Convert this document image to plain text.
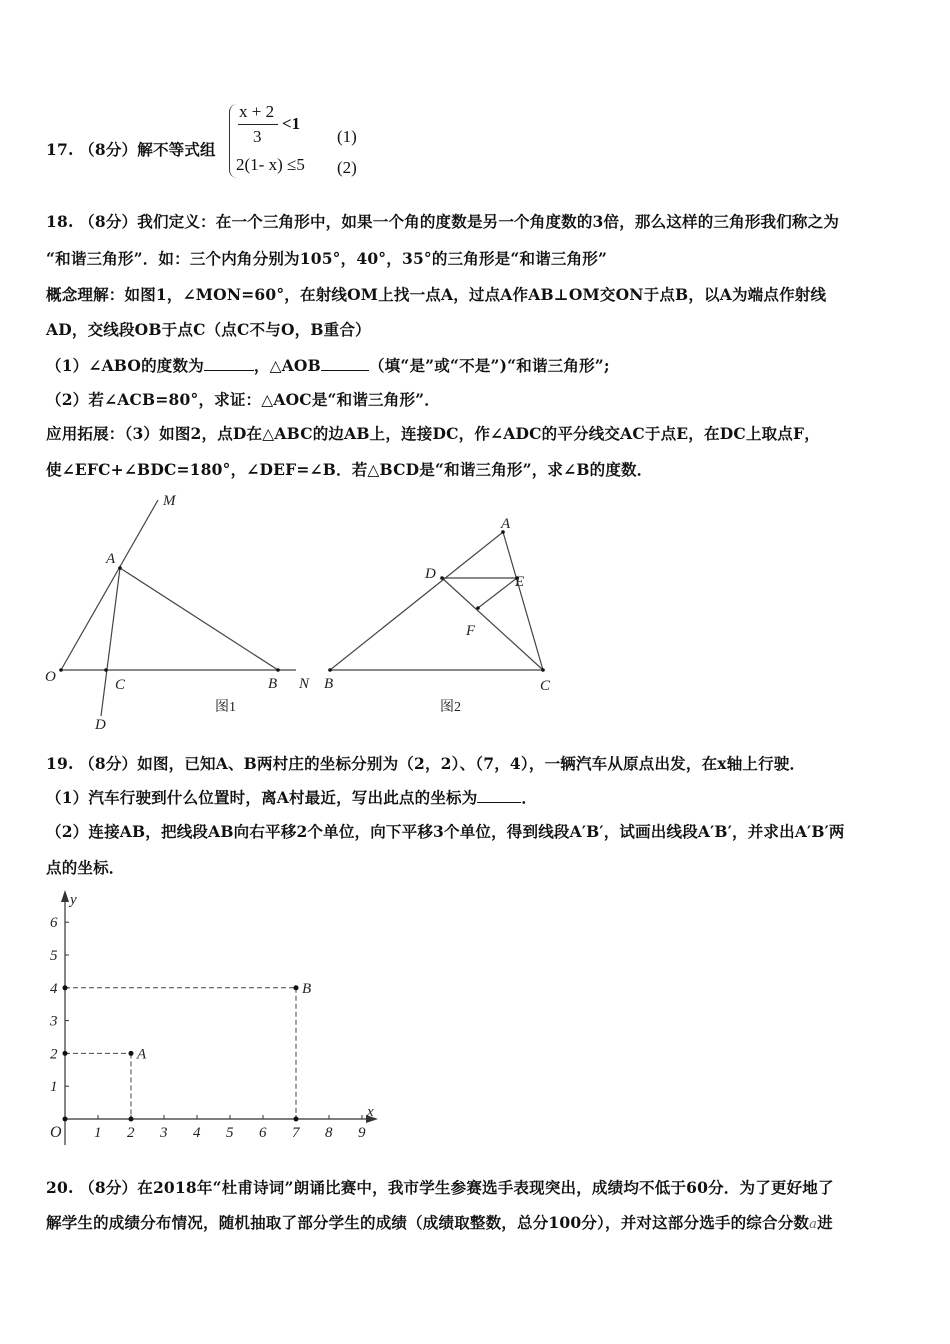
17. （8分）解不等式组
x + 2
3
<1
(1)
2(1- x) ≤5 (2)
18. （8分）我们定义：在一个三角形中，如果一个角的度数是另一个角度数的3倍，那么这样的三角形我们称之为
“和谐三角形”．如：三个内角分别为105°，40°，35°的三角形是“和谐三角形”
概念理解：如图1，∠MON=60°，在射线OM上找一点A，过点A作AB⊥OM交ON于点B，以A为端点作射线
AD，交线段OB于点C（点C不与O，B重合）
（1）∠ABO的度数为	，△AOB	（填“是”或“不是”)“和谐三角形”;
（2）若∠ACB=80°，求证：△AOC是“和谐三角形”．
应用拓展：（3）如图2，点D在△ABC的边AB上，连接DC，作∠ADC的平分线交AC于点E，在DC上取点F，
使∠EFC+∠BDC=180°，∠DEF=∠B．若△BCD是“和谐三角形”，求∠B的度数．
M
A
O	C	B N
D
图1
A
D	E
F
B	C
图2
19. （8分）如图，已知A、B两村庄的坐标分别为（2，2）、（7，4），一辆汽车从原点出发，在x轴上行驶．
（1）汽车行驶到什么位置时，离A村最近，写出此点的坐标为	．
（2）连接AB，把线段AB向右平移2个单位，向下平移3个单位，得到线段A′B′，试画出线段A′B′，并求出A′B′两
点的坐标．
y
x
O 1 2 3 4 5 6 7 8 9
1
2
3
4
5
6
A
B
20. （8分）在2018年“杜甫诗词”朗诵比赛中，我市学生参赛选手表现突出，成绩均不低于60分．为了更好地了
解学生的成绩分布情况，随机抽取了部分学生的成绩（成绩取整数，总分100分），并对这部分选手的综合分数a进
